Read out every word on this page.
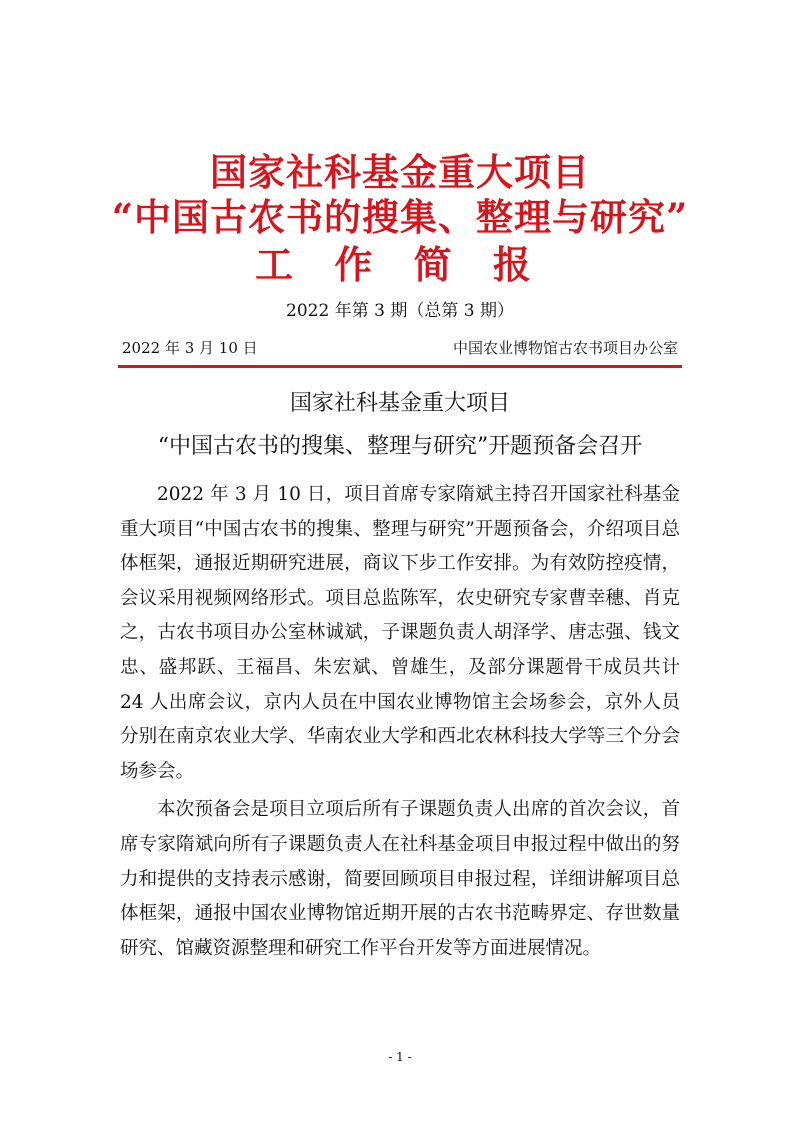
国家社科基金重大项目
“中国古农书的搜集、整理与研究”
工 作 简 报
2022 年第 3 期（总第 3 期）
2022 年 3 月 10 日	中国农业博物馆古农书项目办公室
国家社科基金重大项目
“中国古农书的搜集、整理与研究”开题预备会召开

2022 年 3 月 10 日，项目首席专家隋斌主持召开国家社科基金重大项目“中国古农书的搜集、整理与研究”开题预备会，介绍项目总体框架，通报近期研究进展，商议下步工作安排。为有效防控疫情，会议采用视频网络形式。项目总监陈军，农史研究专家曹幸穗、肖克之，古农书项目办公室林诚斌，子课题负责人胡泽学、唐志强、钱文忠、盛邦跃、王福昌、朱宏斌、曾雄生，及部分课题骨干成员共计 24 人出席会议，京内人员在中国农业博物馆主会场参会，京外人员分别在南京农业大学、华南农业大学和西北农林科技大学等三个分会场参会。

本次预备会是项目立项后所有子课题负责人出席的首次会议，首席专家隋斌向所有子课题负责人在社科基金项目申报过程中做出的努力和提供的支持表示感谢，简要回顾项目申报过程，详细讲解项目总体框架，通报中国农业博物馆近期开展的古农书范畴界定、存世数量研究、馆藏资源整理和研究工作平台开发等方面进展情况。

- 1 -
